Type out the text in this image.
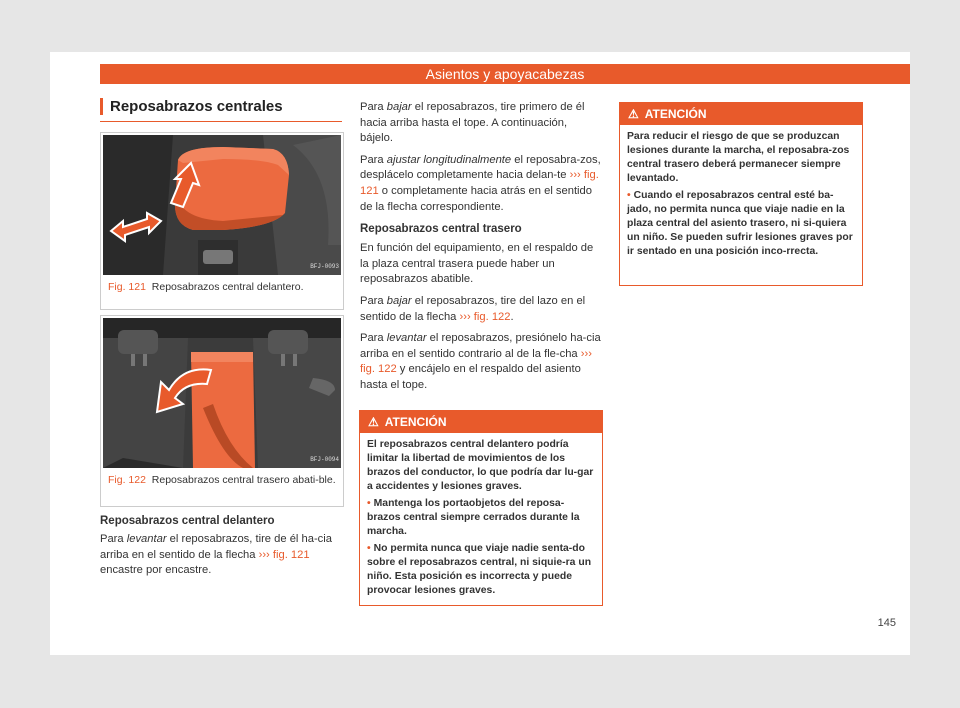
Asientos y apoyacabezas
Reposabrazos centrales
BFJ-0093
Fig. 121 Reposabrazos central delantero.
BFJ-0094
Fig. 122 Reposabrazos central trasero abati-ble.

Reposabrazos central delantero

Para levantar el reposabrazos, tire de él ha-cia arriba en el sentido de la flecha ››› fig. 121 encastre por encastre.

Para bajar el reposabrazos, tire primero de él hacia arriba hasta el tope. A continuación, bájelo.

Para ajustar longitudinalmente el reposabra-zos, desplácelo completamente hacia delan-te ››› fig. 121 o completamente hacia atrás en el sentido de la flecha correspondiente.

Reposabrazos central trasero

En función del equipamiento, en el respaldo de la plaza central trasera puede haber un reposabrazos abatible.

Para bajar el reposabrazos, tire del lazo en el sentido de la flecha ››› fig. 122.

Para levantar el reposabrazos, presiónelo ha-cia arriba en el sentido contrario al de la fle-cha ››› fig. 122 y encájelo en el respaldo del asiento hasta el tope.

⚠ ATENCIÓN

El reposabrazos central delantero podría limitar la libertad de movimientos de los brazos del conductor, lo que podría dar lu-gar a accidentes y lesiones graves.

• Mantenga los portaobjetos del reposa-brazos central siempre cerrados durante la marcha.

• No permita nunca que viaje nadie senta-do sobre el reposabrazos central, ni siquie-ra un niño. Esta posición es incorrecta y puede provocar lesiones graves.

⚠ ATENCIÓN

Para reducir el riesgo de que se produzcan lesiones durante la marcha, el reposabra-zos central trasero deberá permanecer siempre levantado.

• Cuando el reposabrazos central esté ba-jado, no permita nunca que viaje nadie en la plaza central del asiento trasero, ni si-quiera un niño. Se pueden sufrir lesiones graves por ir sentado en una posición inco-rrecta.

145
